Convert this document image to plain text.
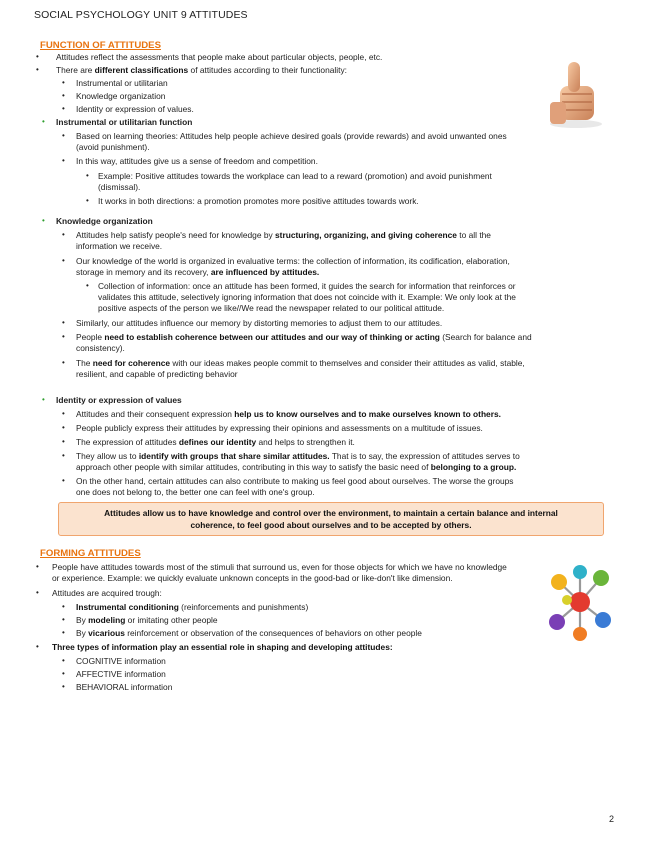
SOCIAL PSYCHOLOGY UNIT 9 ATTITUDES
FUNCTION OF ATTITUDES
• Attitudes reflect the assessments that people make about particular objects, people, etc.
• There are different classifications of attitudes according to their functionality:
• Instrumental or utilitarian
• Knowledge organization
• Identity or expression of values.
• Instrumental or utilitarian function
• Based on learning theories: Attitudes help people achieve desired goals (provide rewards) and avoid unwanted ones
(avoid punishment).
• In this way, attitudes give us a sense of freedom and competition.
• Example: Positive attitudes towards the workplace can lead to a reward (promotion) and avoid punishment
(dismissal).
• It works in both directions: a promotion promotes more positive attitudes towards work.
• Knowledge organization
• Attitudes help satisfy people's need for knowledge by structuring, organizing, and giving coherence to all the
information we receive.
• Our knowledge of the world is organized in evaluative terms: the collection of information, its codification, elaboration,
storage in memory and its recovery, are influenced by attitudes.
• Collection of information: once an attitude has been formed, it guides the search for information that reinforces or
validates this attitude, selectively ignoring information that does not coincide with it. Example: We only look at the
positive aspects of the person we like//We read the newspaper related to our political attitude.
• Similarly, our attitudes influence our memory by distorting memories to adjust them to our attitudes.
• People need to establish coherence between our attitudes and our way of thinking or acting (Search for balance and
consistency).
• The need for coherence with our ideas makes people commit to themselves and consider their attitudes as valid, stable,
resilient, and capable of predicting behavior
• Identity or expression of values
• Attitudes and their consequent expression help us to know ourselves and to make ourselves known to others.
• People publicly express their attitudes by expressing their opinions and assessments on a multitude of issues.
• The expression of attitudes defines our identity and helps to strengthen it.
• They allow us to identify with groups that share similar attitudes. That is to say, the expression of attitudes serves to
approach other people with similar attitudes, contributing in this way to satisfy the basic need of belonging to a group.
• On the other hand, certain attitudes can also contribute to making us feel good about ourselves. The worse the groups
one does not belong to, the better one can feel with one's group.
Attitudes allow us to have knowledge and control over the environment, to maintain a certain balance and internal
coherence, to feel good about ourselves and to be accepted by others.
FORMING ATTITUDES
• People have attitudes towards most of the stimuli that surround us, even for those objects for which we have no knowledge
or experience. Example: we quickly evaluate unknown concepts in the good-bad or like-don't like dimension.
• Attitudes are acquired trough:
• Instrumental conditioning (reinforcements and punishments)
• By modeling or imitating other people
• By vicarious reinforcement or observation of the consequences of behaviors on other people
• Three types of information play an essential role in shaping and developing attitudes:
• COGNITIVE information
• AFFECTIVE information
• BEHAVIORAL information
2
